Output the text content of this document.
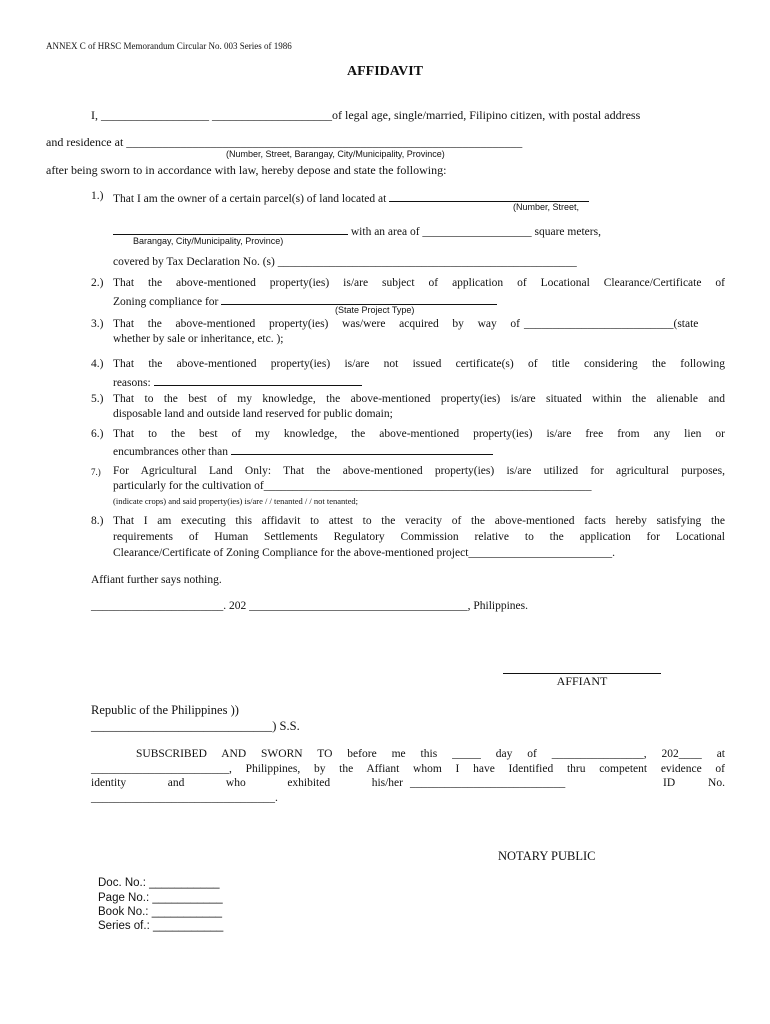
ANNEX C of HRSC Memorandum Circular No. 003 Series of 1986
AFFIDAVIT
I, __________________ ____________________of legal age, single/married, Filipino citizen, with postal address
and residence at __________________________________________________________________
(Number, Street, Barangay, City/Municipality, Province)
after being sworn to in accordance with law, hereby depose and state the following:
1.) That I am the owner of a certain parcel(s) of land located at
(Number, Street,
with an area of ___________________ square meters,
Barangay, City/Municipality, Province)
covered by Tax Declaration No. (s) ____________________________________________________
2.) That the above-mentioned property(ies) is/are subject of application of Locational Clearance/Certificate of
Zoning compliance for
(State Project Type)
3.) That the above-mentioned property(ies) was/were acquired by way of __________________________(state
whether by sale or inheritance, etc. );
4.) That the above-mentioned property(ies) is/are not issued certificate(s) of title considering the following
reasons:
5.) That to the best of my knowledge, the above-mentioned property(ies) is/are situated within the alienable and
disposable land and outside land reserved for public domain;
6.) That to the best of my knowledge, the above-mentioned property(ies) is/are free from any lien or
encumbrances other than
7.) For Agricultural Land Only: That the above-mentioned property(ies) is/are utilized for agricultural purposes,
particularly for the cultivation of_________________________________________________________
(indicate crops) and said property(ies) is/are / / tenanted / / not tenanted;
8.) That I am executing this affidavit to attest to the veracity of the above-mentioned facts hereby satisfying the
requirements of Human Settlements Regulatory Commission relative to the application for Locational
Clearance/Certificate of Zoning Compliance for the above-mentioned project_________________________.
Affiant further says nothing.
_______________________. 202 ______________________________________, Philippines.
AFFIANT
Republic of the Philippines ))
_____________________________) S.S.
SUBSCRIBED AND SWORN TO before me this _____ day of ________________, 202____ at
________________________, Philippines, by the Affiant whom I have Identified thru competent evidence of
identity and who exhibited his/her ___________________________	ID No.
________________________________.
NOTARY PUBLIC
Doc. No.: ___________
Page No.: ___________
Book No.: ___________
Series of.: ___________
